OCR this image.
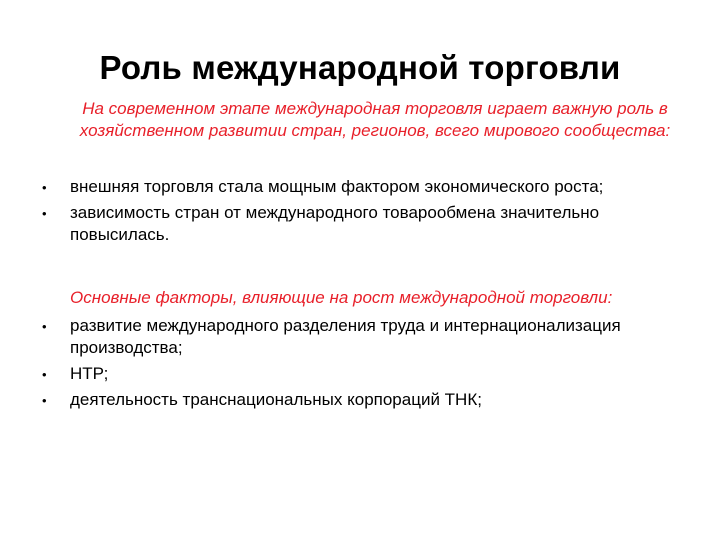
Роль международной торговли
На современном этапе международная торговля играет важную роль в хозяйственном развитии стран, регионов, всего мирового сообщества:
• внешняя торговля стала мощным фактором экономического роста;
• зависимость стран от международного товарообмена значительно повысилась.
Основные факторы, влияющие на рост международной торговли:
• развитие международного разделения труда и интернационализация производства;
• НТР;
• деятельность транснациональных корпораций ТНК;
